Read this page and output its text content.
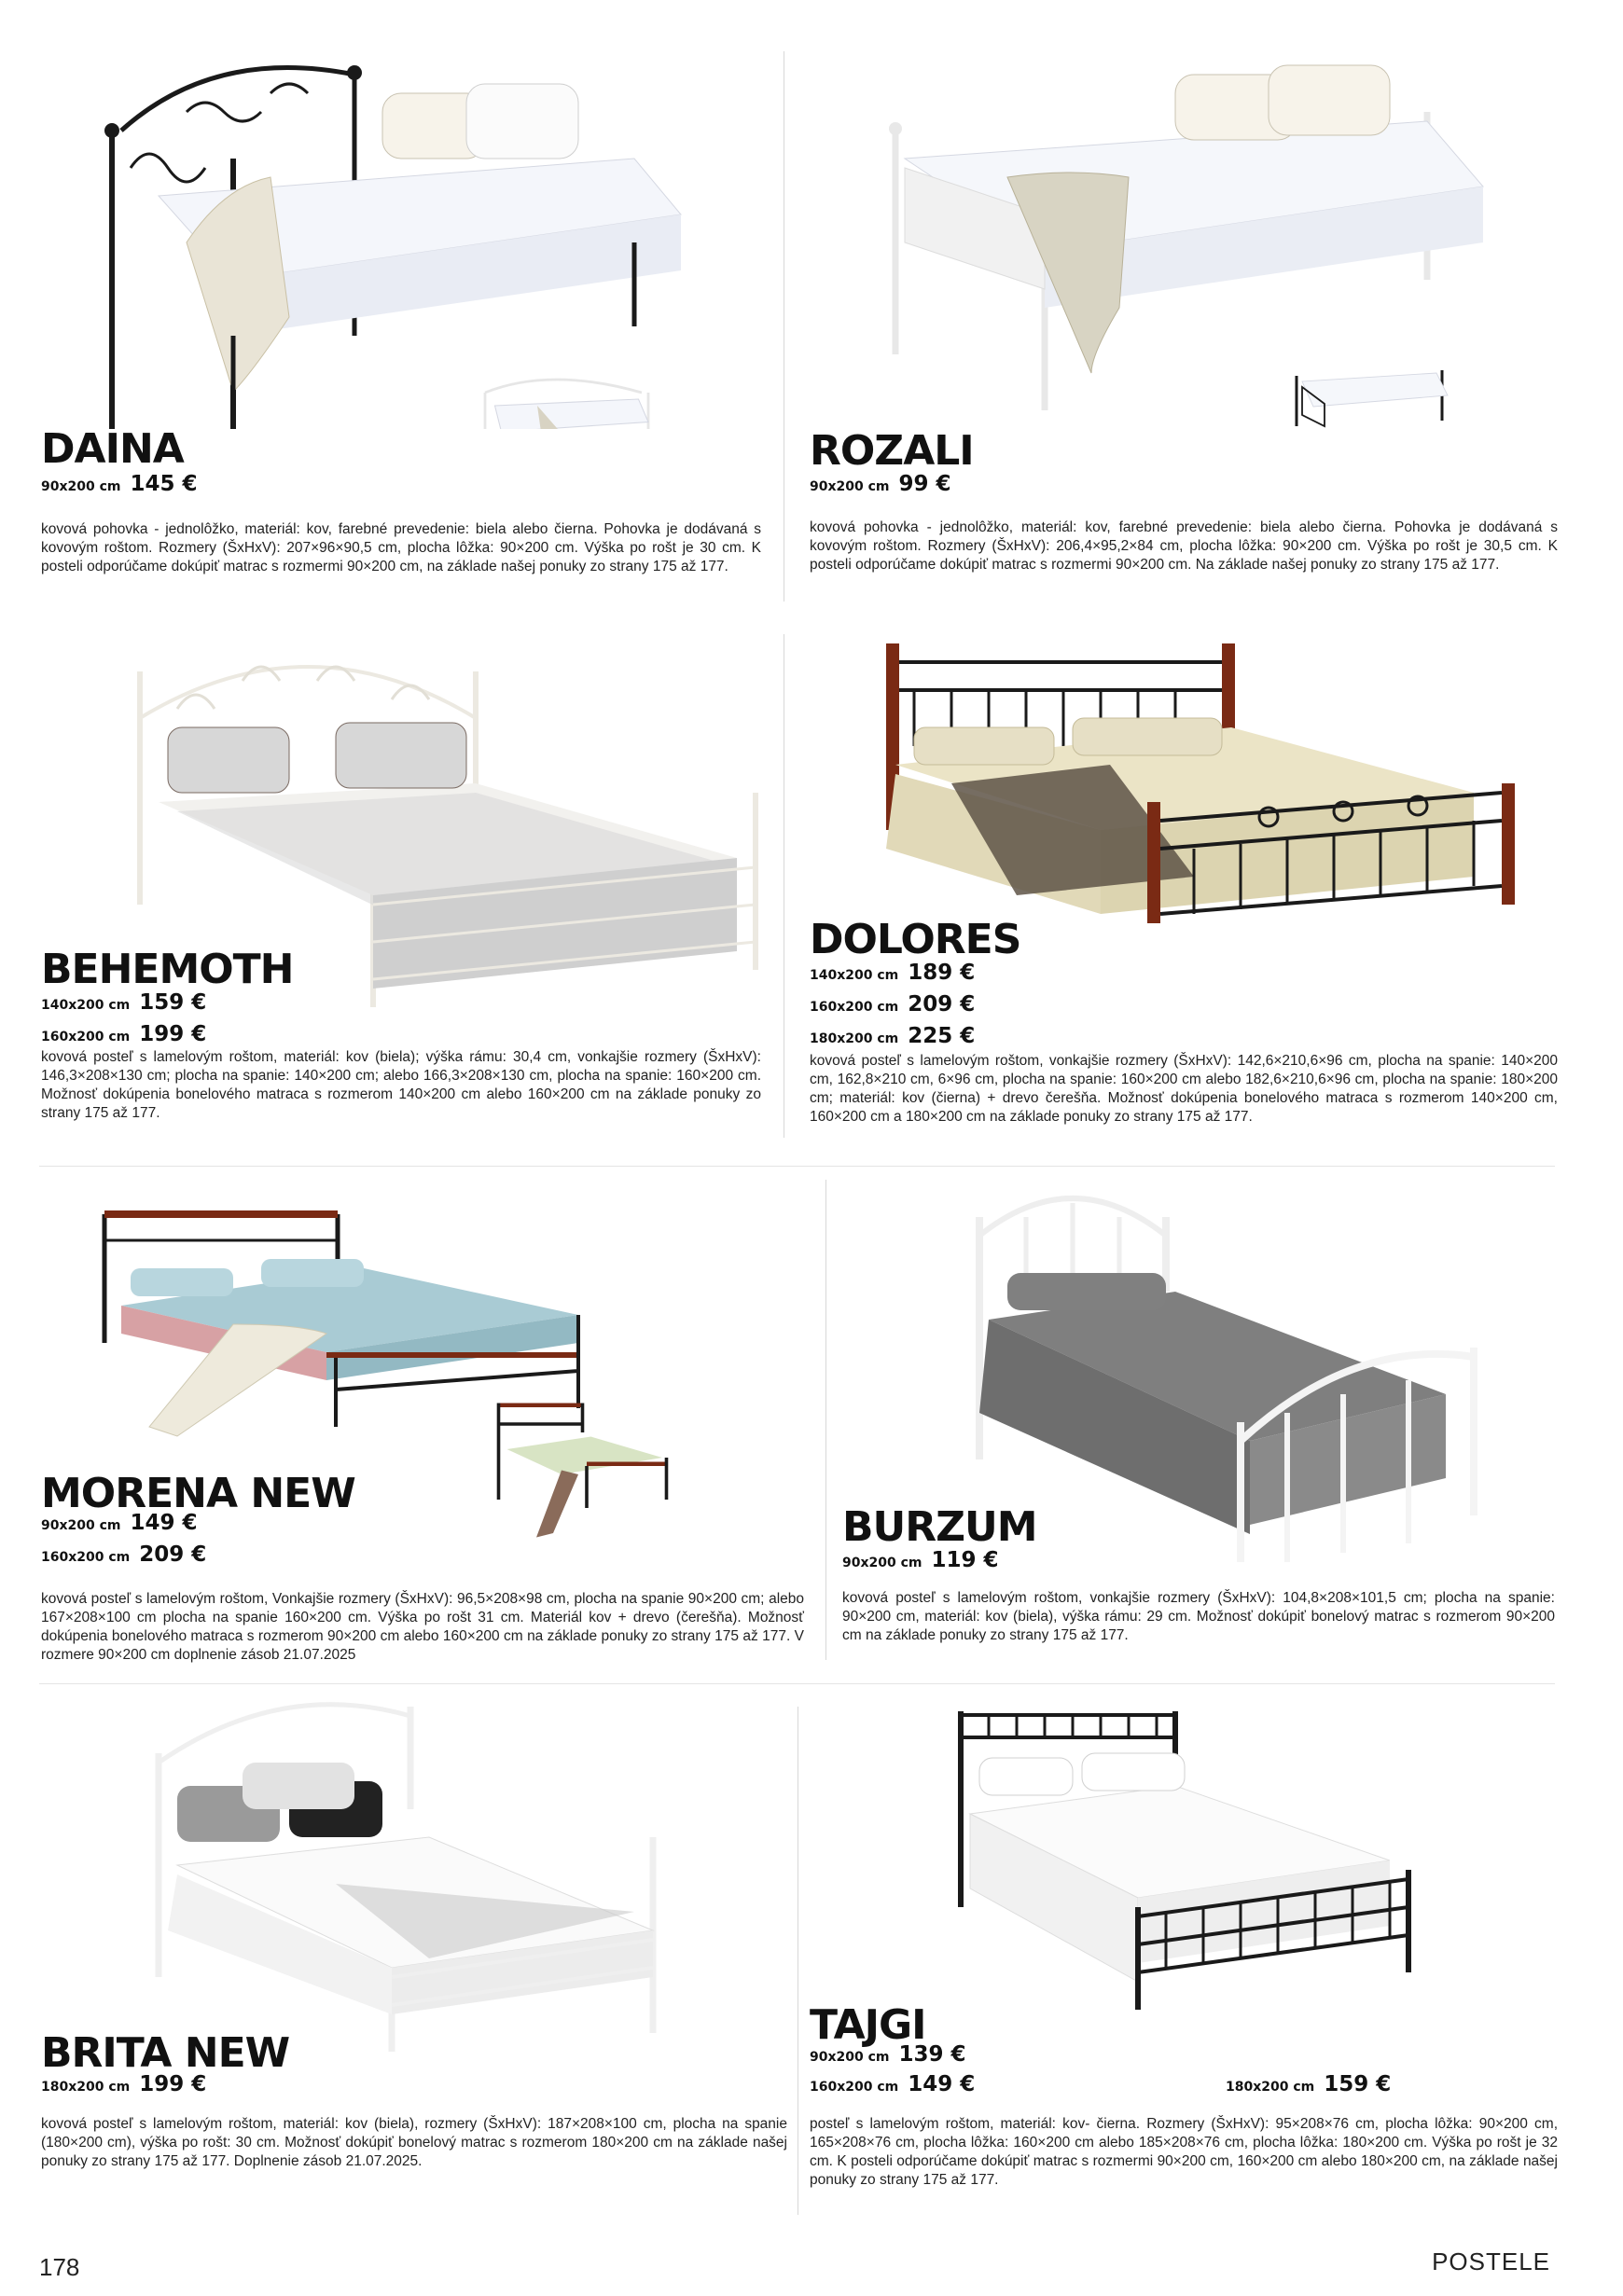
DAINA
90x200 cm 145 €

kovová pohovka - jednolôžko, materiál: kov, farebné prevedenie: biela alebo čierna. Pohovka je dodávaná s kovovým roštom. Rozmery (ŠxHxV): 207×96×90,5 cm, plocha lôžka: 90×200 cm. Výška po rošt je 30 cm. K posteli odporúčame dokúpiť matrac s rozmermi 90×200 cm, na základe našej ponuky zo strany 175 až 177.

ROZALI
90x200 cm 99 €

kovová pohovka - jednolôžko, materiál: kov, farebné prevedenie: biela alebo čierna. Pohovka je dodávaná s kovovým roštom. Rozmery (ŠxHxV): 206,4×95,2×84 cm, plocha lôžka: 90×200 cm. Výška po rošt je 30,5 cm. K posteli odporúčame dokúpiť matrac s rozmermi 90×200 cm. Na základe našej ponuky zo strany 175 až 177.

BEHEMOTH
140x200 cm 159 €
160x200 cm 199 €

kovová posteľ s lamelovým roštom, materiál: kov (biela); výška rámu: 30,4 cm, vonkajšie rozmery (ŠxHxV): 146,3×208×130 cm; plocha na spanie: 140×200 cm; alebo 166,3×208×130 cm, plocha na spanie: 160×200 cm. Možnosť dokúpenia bonelového matraca s rozmerom 140×200 cm alebo 160×200 cm na základe ponuky zo strany 175 až 177.

DOLORES
140x200 cm 189 €
160x200 cm 209 €
180x200 cm 225 €

kovová posteľ s lamelovým roštom, vonkajšie rozmery (ŠxHxV): 142,6×210,6×96 cm, plocha na spanie: 140×200 cm, 162,8×210 cm, 6×96 cm, plocha na spanie: 160×200 cm alebo 182,6×210,6×96 cm, plocha na spanie: 180×200 cm; materiál: kov (čierna) + drevo čerešňa. Možnosť dokúpenia bonelového matraca s rozmerom 140×200 cm, 160×200 cm a 180×200 cm na základe ponuky zo strany 175 až 177.

MORENA NEW
90x200 cm 149 €
160x200 cm 209 €

kovová posteľ s lamelovým roštom, Vonkajšie rozmery (ŠxHxV): 96,5×208×98 cm, plocha na spanie 90×200 cm; alebo 167×208×100 cm plocha na spanie 160×200 cm. Výška po rošt 31 cm. Materiál kov + drevo (čerešňa). Možnosť dokúpenia bonelového matraca s rozmerom 90×200 cm alebo 160×200 cm na základe ponuky zo strany 175 až 177. V rozmere 90×200 cm doplnenie zásob 21.07.2025

BURZUM
90x200 cm 119 €

kovová posteľ s lamelovým roštom, vonkajšie rozmery (ŠxHxV): 104,8×208×101,5 cm; plocha na spanie: 90×200 cm, materiál: kov (biela), výška rámu: 29 cm. Možnosť dokúpiť bonelový matrac s rozmerom 90×200 cm na základe ponuky zo strany 175 až 177.

BRITA NEW
180x200 cm 199 €

kovová posteľ s lamelovým roštom, materiál: kov (biela), rozmery (ŠxHxV): 187×208×100 cm, plocha na spanie (180×200 cm), výška po rošt: 30 cm. Možnosť dokúpiť bonelový matrac s rozmerom 180×200 cm na základe našej ponuky zo strany 175 až 177. Doplnenie zásob 21.07.2025.

TAJGI
90x200 cm 139 €
160x200 cm 149 €	180x200 cm 159 €

posteľ s lamelovým roštom, materiál: kov- čierna. Rozmery (ŠxHxV): 95×208×76 cm, plocha lôžka: 90×200 cm, 165×208×76 cm, plocha lôžka: 160×200 cm alebo 185×208×76 cm, plocha lôžka: 180×200 cm. Výška po rošt je 32 cm. K posteli odporúčame dokúpiť matrac s rozmermi 90×200 cm, 160×200 cm alebo 180×200 cm, na základe našej ponuky zo strany 175 až 177.

178	POSTELE
